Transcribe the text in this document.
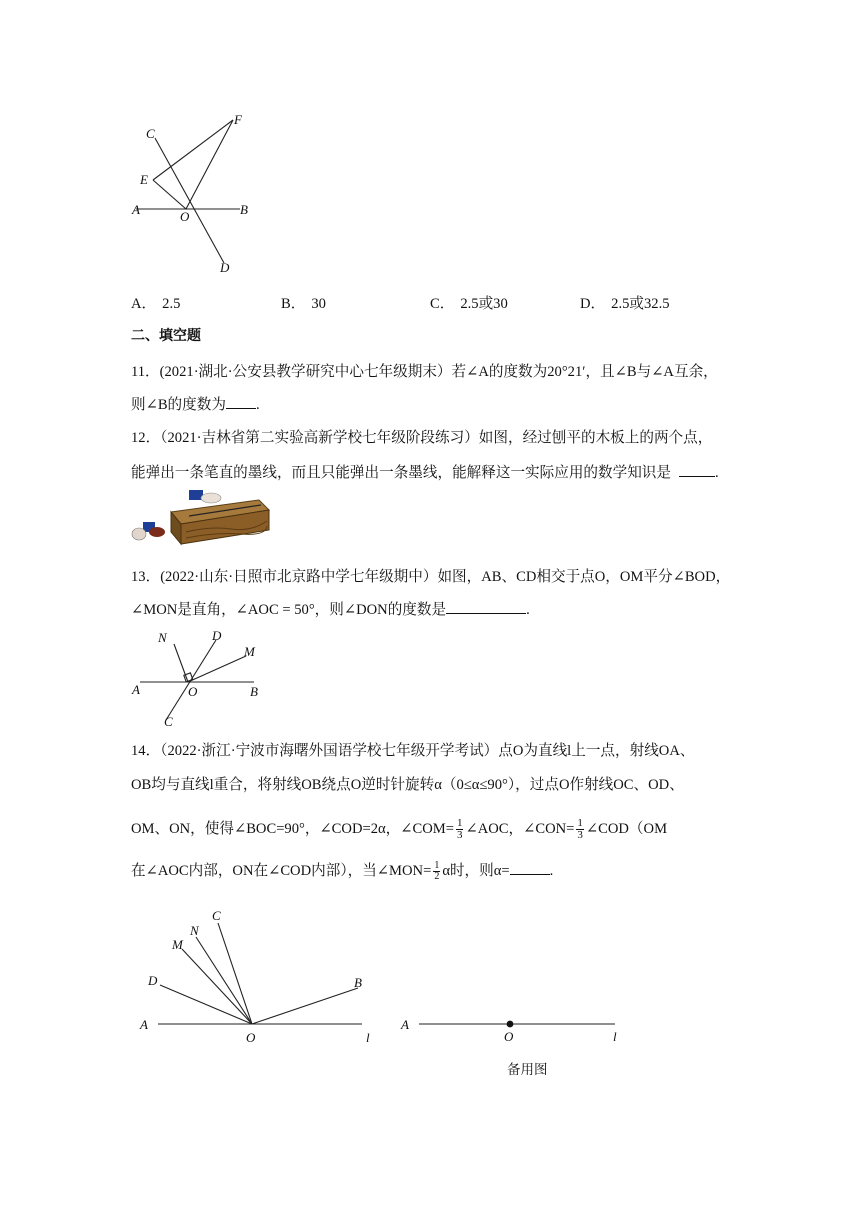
C
F
E
A	O	B
D
A． 2.5	B． 30	C． 2.5或30	D． 2.5或32.5
二、填空题
11．(2021·湖北·公安县教学研究中心七年级期末）若∠A的度数为20°21′，且∠B与∠A互余，
则∠B的度数为 .
12．（2021·吉林省第二实验高新学校七年级阶段练习）如图，经过刨平的木板上的两个点，
能弹出一条笔直的墨线，而且只能弹出一条墨线，能解释这一实际应用的数学知识是	.
13．(2022·山东·日照市北京路中学七年级期中）如图，AB、CD相交于点O，OM平分∠BOD，
∠MON是直角，∠AOC = 50°，则∠DON的度数是	.
N	D
M
A	O	B
C
14．（2022·浙江·宁波市海曙外国语学校七年级开学考试）点O为直线l上一点，射线OA、
OB均与直线l重合，将射线OB绕点O逆时针旋转α（0≤α≤90°），过点O作射线OC、OD、
OM、ON，使得∠BOC=90°，∠COD=2α，∠COM= $\frac{1}{3}$ ∠AOC，∠CON= $\frac{1}{3}$ ∠COD（OM
在∠AOC内部，ON在∠COD内部），当∠MON= $\frac{1}{2}$ α时，则α=	.
C
N
M
D	B
A
O	l
A
O	l
备用图
